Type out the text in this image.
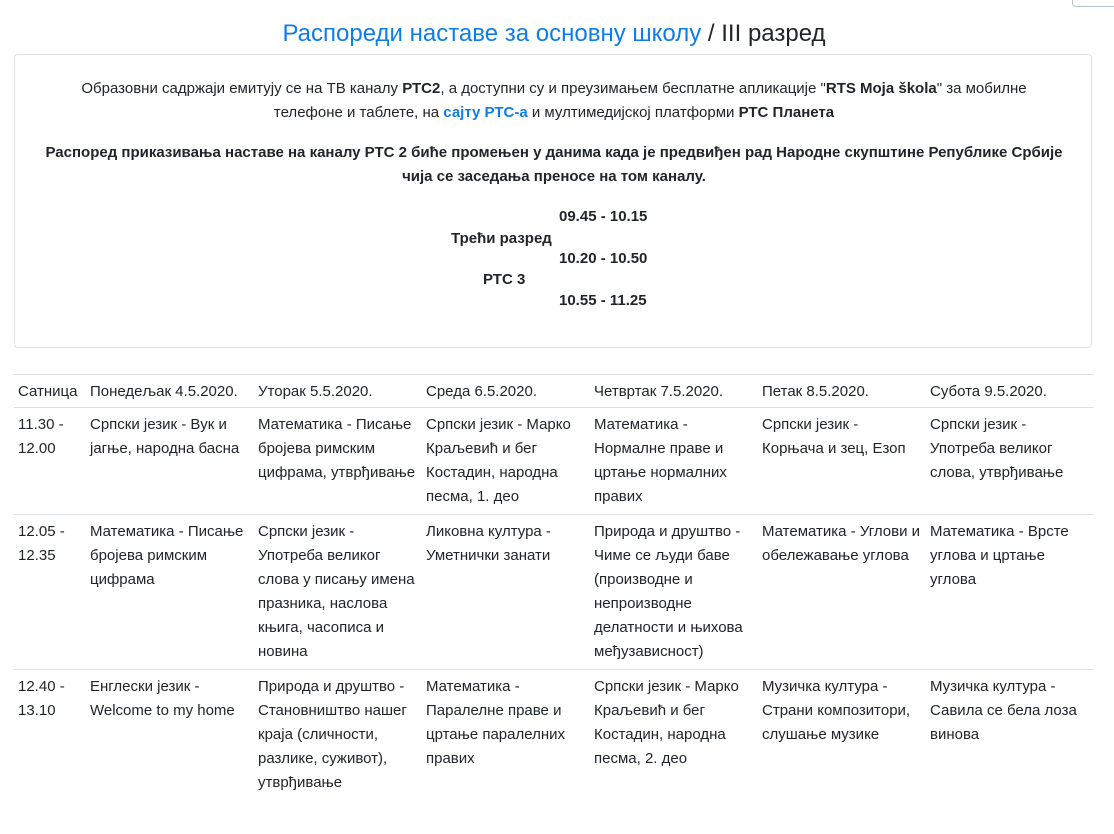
Распореди наставе за основну школу / III разред

Образовни садржаји емитују се на ТВ каналу РТС2, а доступни су и преузимањем бесплатне апликације "RTS Moja škola" за мобилне телефоне и таблете, на сајту РТС-а и мултимедијској платформи РТС Планета

Распоред приказивања наставе на каналу РТС 2 биће промењен у данима када је предвиђен рад Народне скупштине Републике Србије чија се заседања преносе на том каналу.

09.45 - 10.15
Трећи разред
10.20 - 10.50
РТС 3
10.55 - 11.25
Сатница	Понедељак 4.5.2020.	Уторак 5.5.2020.	Среда 6.5.2020.	Четвртак 7.5.2020.	Петак 8.5.2020.	Субота 9.5.2020.
11.30 - 12.00	Српски језик - Вук и јагње, народна басна	Математика - Писање бројева римским цифрама, утврђивање	Српски језик - Марко Краљевић и бег Костадин, народна песма, 1. део	Математика - Нормалне праве и цртање нормалних правих	Српски језик - Корњача и зец, Езоп	Српски језик - Употреба великог слова, утврђивање
12.05 - 12.35	Математика - Писање бројева римским цифрама	Српски језик - Употреба великог слова у писању имена празника, наслова књига, часописа и новина	Ликовна култура - Уметнички занати	Природа и друштво - Чиме се људи баве (производне и непроизводне делатности и њихова међузависност)	Математика - Углови и обележавање углова	Математика - Врсте углова и цртање углова
12.40 - 13.10	Енглески језик - Welcome to my home	Природа и друштво - Становништво нашег краја (сличности, разлике, суживот), утврђивање	Математика - Паралелне праве и цртање паралелних правих	Српски језик - Марко Краљевић и бег Костадин, народна песма, 2. део	Музичка култура - Страни композитори, слушање музике	Музичка култура - Савила се бела лоза винова
